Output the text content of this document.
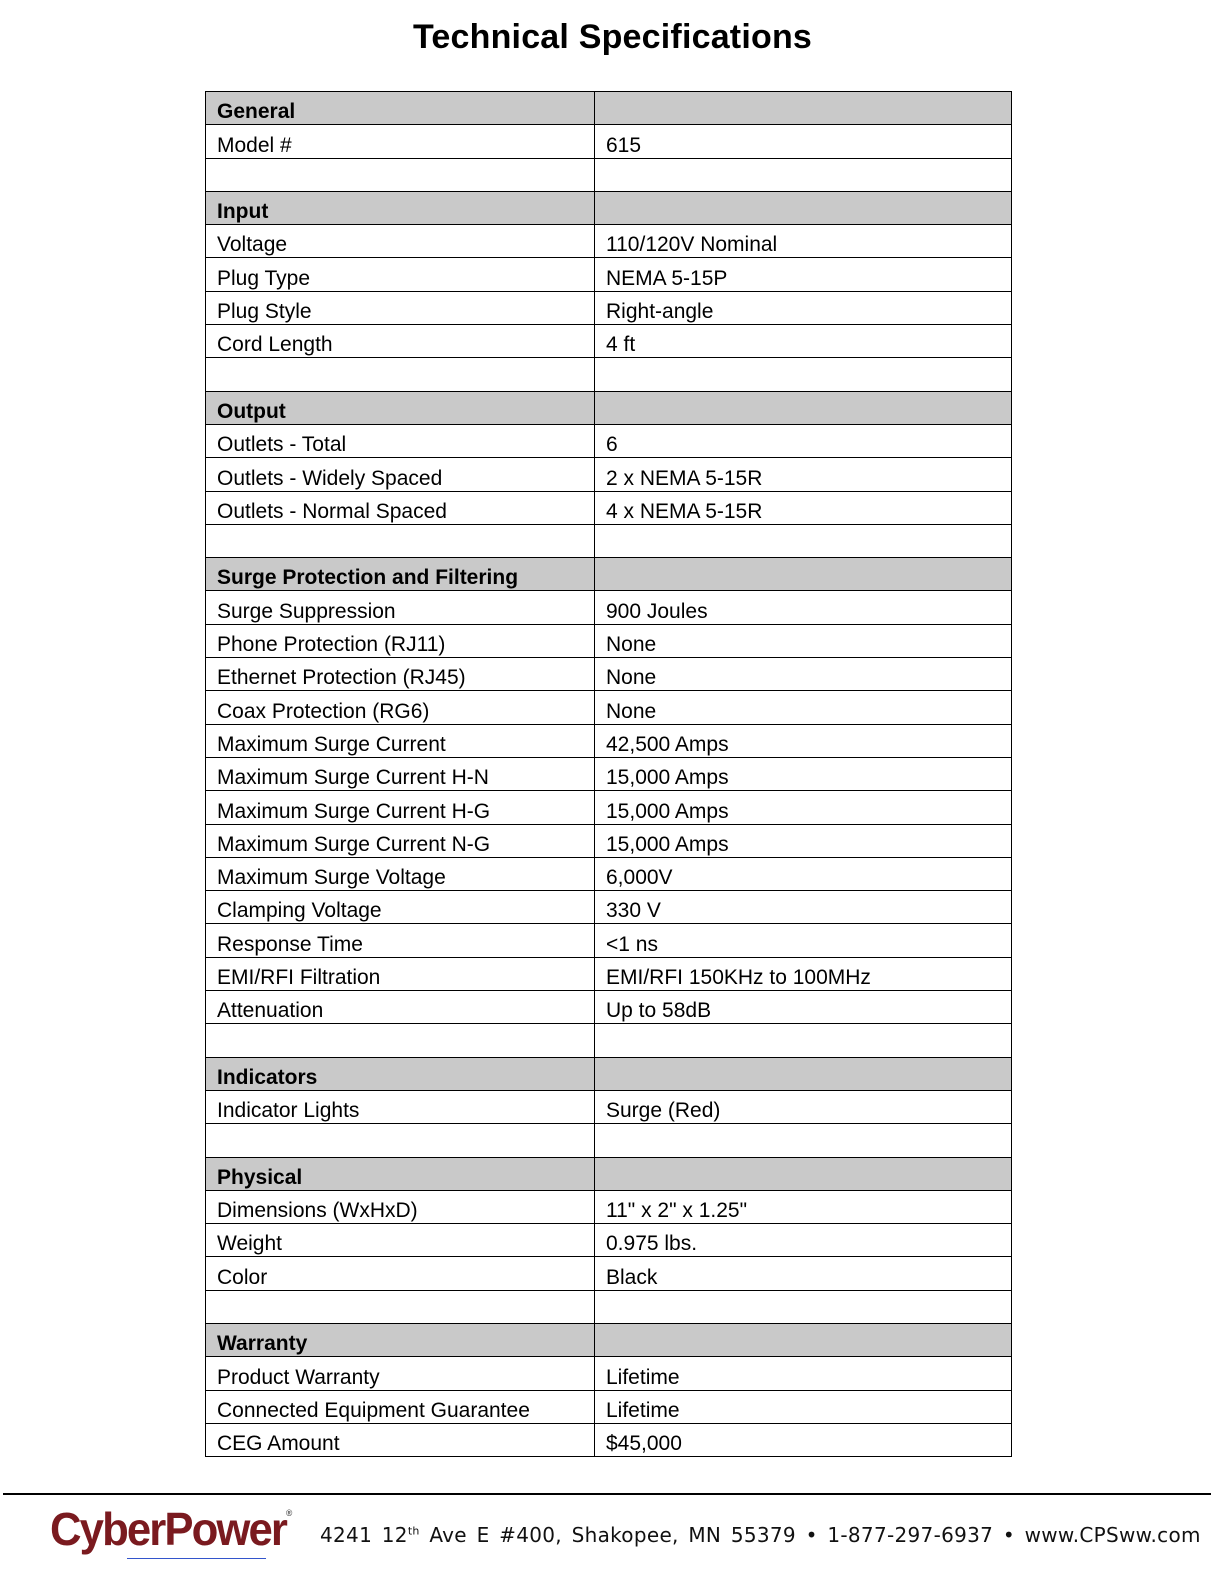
Technical Specifications
General	
Model #	615

Input	
Voltage	110/120V Nominal
Plug Type	NEMA 5-15P
Plug Style	Right-angle
Cord Length	4 ft

Output	
Outlets - Total	6
Outlets - Widely Spaced	2 x NEMA 5-15R
Outlets - Normal Spaced	4 x NEMA 5-15R

Surge Protection and Filtering	
Surge Suppression	900 Joules
Phone Protection (RJ11)	None
Ethernet Protection (RJ45)	None
Coax Protection (RG6)	None
Maximum Surge Current	42,500 Amps
Maximum Surge Current H-N	15,000 Amps
Maximum Surge Current H-G	15,000 Amps
Maximum Surge Current N-G	15,000 Amps
Maximum Surge Voltage	6,000V
Clamping Voltage	330 V
Response Time	<1 ns
EMI/RFI Filtration	EMI/RFI 150KHz to 100MHz
Attenuation	Up to 58dB

Indicators	
Indicator Lights	Surge (Red)

Physical	
Dimensions (WxHxD)	11" x 2" x 1.25"
Weight	0.975 lbs.
Color	Black

Warranty	
Product Warranty	Lifetime
Connected Equipment Guarantee	Lifetime
CEG Amount	$45,000
CyberPower®
4241 12th Ave E #400, Shakopee, MN 55379 • 1-877-297-6937 • www.CPSww.com
